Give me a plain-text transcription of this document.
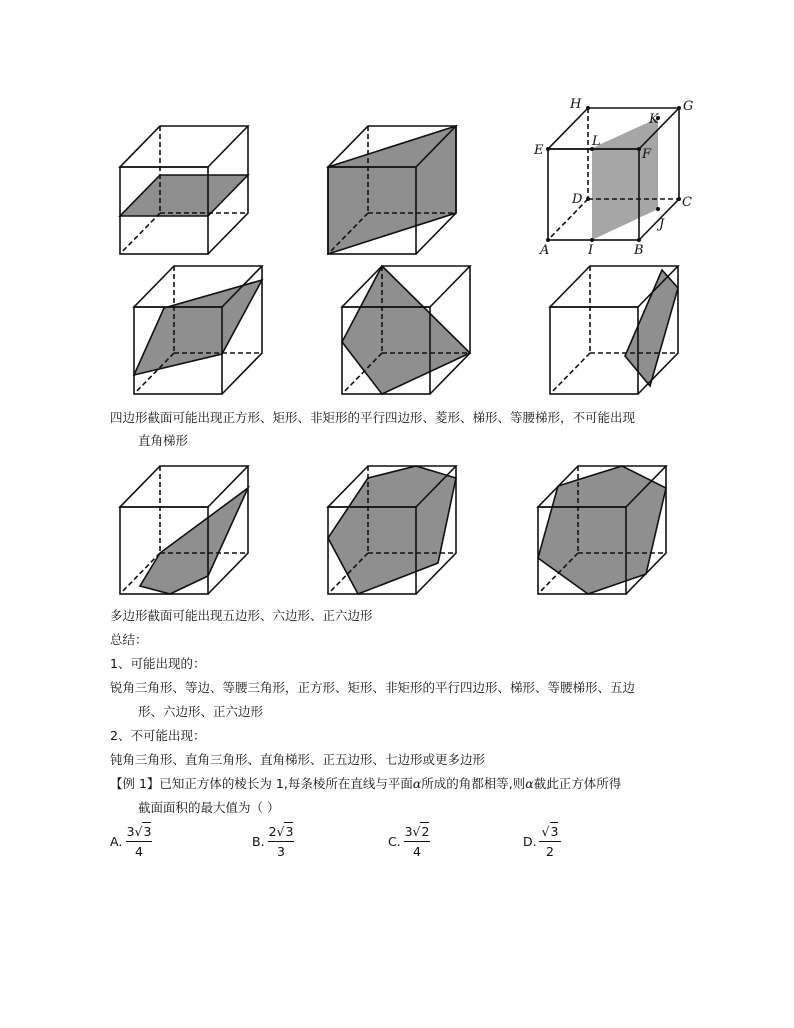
H	G
K
E
L
F
D	C
A	I	B
J
四边形截面可能出现正方形、矩形、非矩形的平行四边形、菱形、梯形、等腰梯形，不可能出现
直角梯形
多边形截面可能出现五边形、六边形、正六边形
总结：
1、可能出现的：
锐角三角形、等边、等腰三角形，正方形、矩形、非矩形的平行四边形、梯形、等腰梯形、五边
形、六边形、正六边形
2、不可能出现：
钝角三角形、直角三角形、直角梯形、正五边形、七边形或更多边形
【例 1】已知正方体的棱长为 1,每条棱所在直线与平面α所成的角都相等,则α截此正方体所得
截面面积的最大值为（ ）
A.
3√3
4
B.
2√3
3
C.
3√2
4
D.
√3
2
